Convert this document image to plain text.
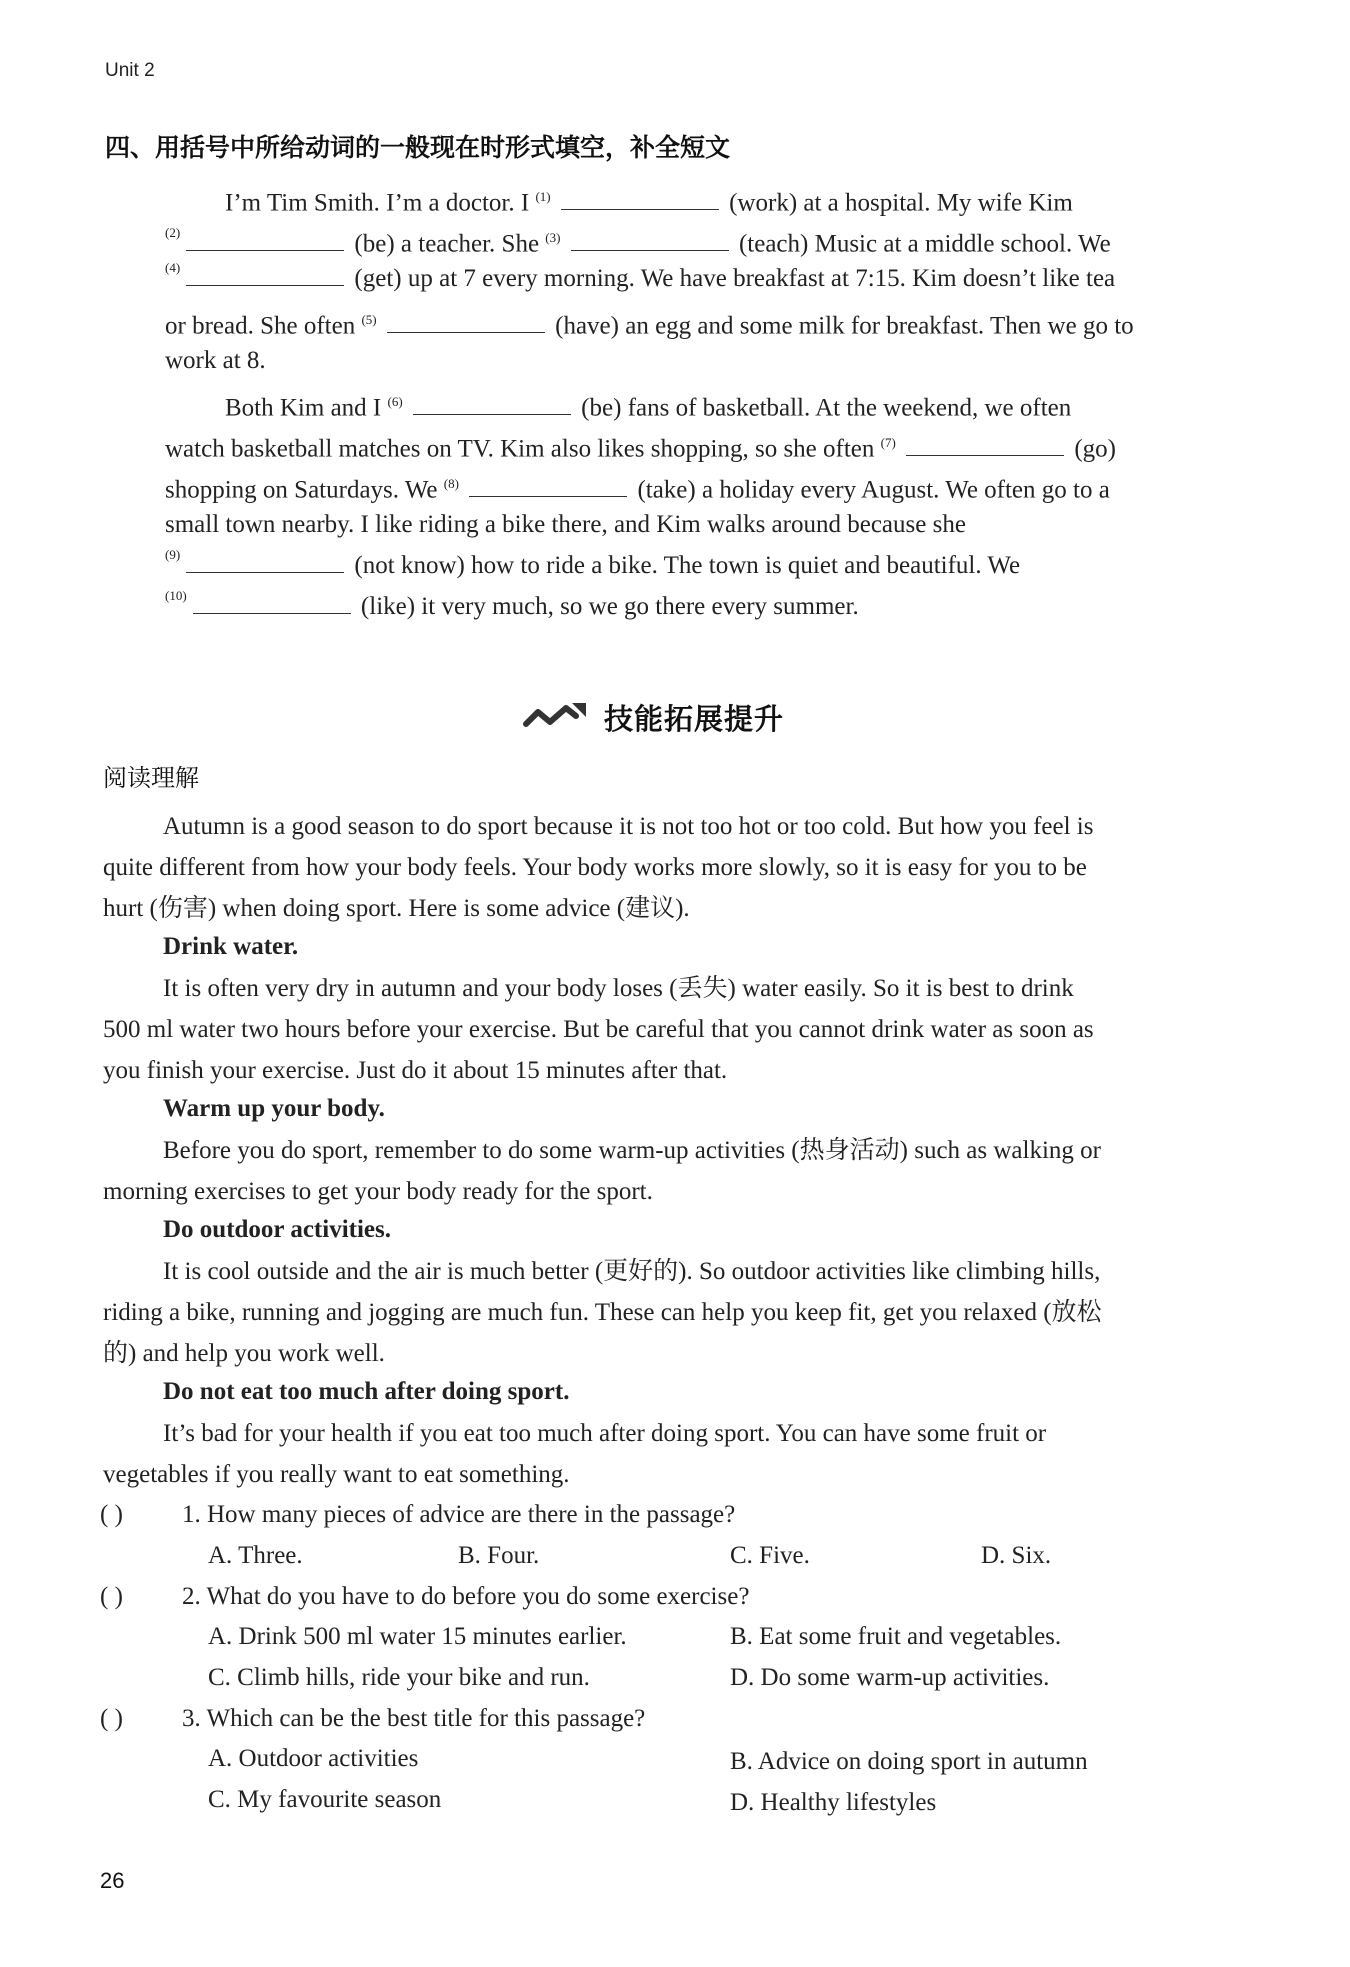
Unit 2
四、用括号中所给动词的一般现在时形式填空，补全短文
I’m Tim Smith. I’m a doctor. I $^{(1)}$	(work) at a hospital. My wife Kim
$^{(2)}$	(be) a teacher. She $^{(3)}$	(teach) Music at a middle school. We
$^{(4)}$	(get) up at 7 every morning. We have breakfast at 7:15. Kim doesn’t like tea
or bread. She often $^{(5)}$	(have) an egg and some milk for breakfast. Then we go to
work at 8.
Both Kim and I $^{(6)}$	(be) fans of basketball. At the weekend, we often
watch basketball matches on TV. Kim also likes shopping, so she often $^{(7)}$	(go)
shopping on Saturdays. We $^{(8)}$	(take) a holiday every August. We often go to a
small town nearby. I like riding a bike there, and Kim walks around because she
$^{(9)}$	(not know) how to ride a bike. The town is quiet and beautiful. We
$^{(10)}$	(like) it very much, so we go there every summer.
技能拓展提升
阅读理解
Autumn is a good season to do sport because it is not too hot or too cold. But how you feel is
quite different from how your body feels. Your body works more slowly, so it is easy for you to be
hurt (伤害) when doing sport. Here is some advice (建议).
Drink water.
It is often very dry in autumn and your body loses (丢失) water easily. So it is best to drink
500 ml water two hours before your exercise. But be careful that you cannot drink water as soon as
you finish your exercise. Just do it about 15 minutes after that.
Warm up your body.
Before you do sport, remember to do some warm-up activities (热身活动) such as walking or
morning exercises to get your body ready for the sport.
Do outdoor activities.
It is cool outside and the air is much better (更好的). So outdoor activities like climbing hills,
riding a bike, running and jogging are much fun. These can help you keep fit, get you relaxed (放松
的) and help you work well.
Do not eat too much after doing sport.
It’s bad for your health if you eat too much after doing sport. You can have some fruit or
vegetables if you really want to eat something.
( ) 1. How many pieces of advice are there in the passage?
A. Three.	B. Four.	C. Five.	D. Six.
( ) 2. What do you have to do before you do some exercise?
A. Drink 500 ml water 15 minutes earlier.	B. Eat some fruit and vegetables.
C. Climb hills, ride your bike and run.	D. Do some warm-up activities.
( ) 3. Which can be the best title for this passage?
A. Outdoor activities	B. Advice on doing sport in autumn
C. My favourite season	D. Healthy lifestyles
26
